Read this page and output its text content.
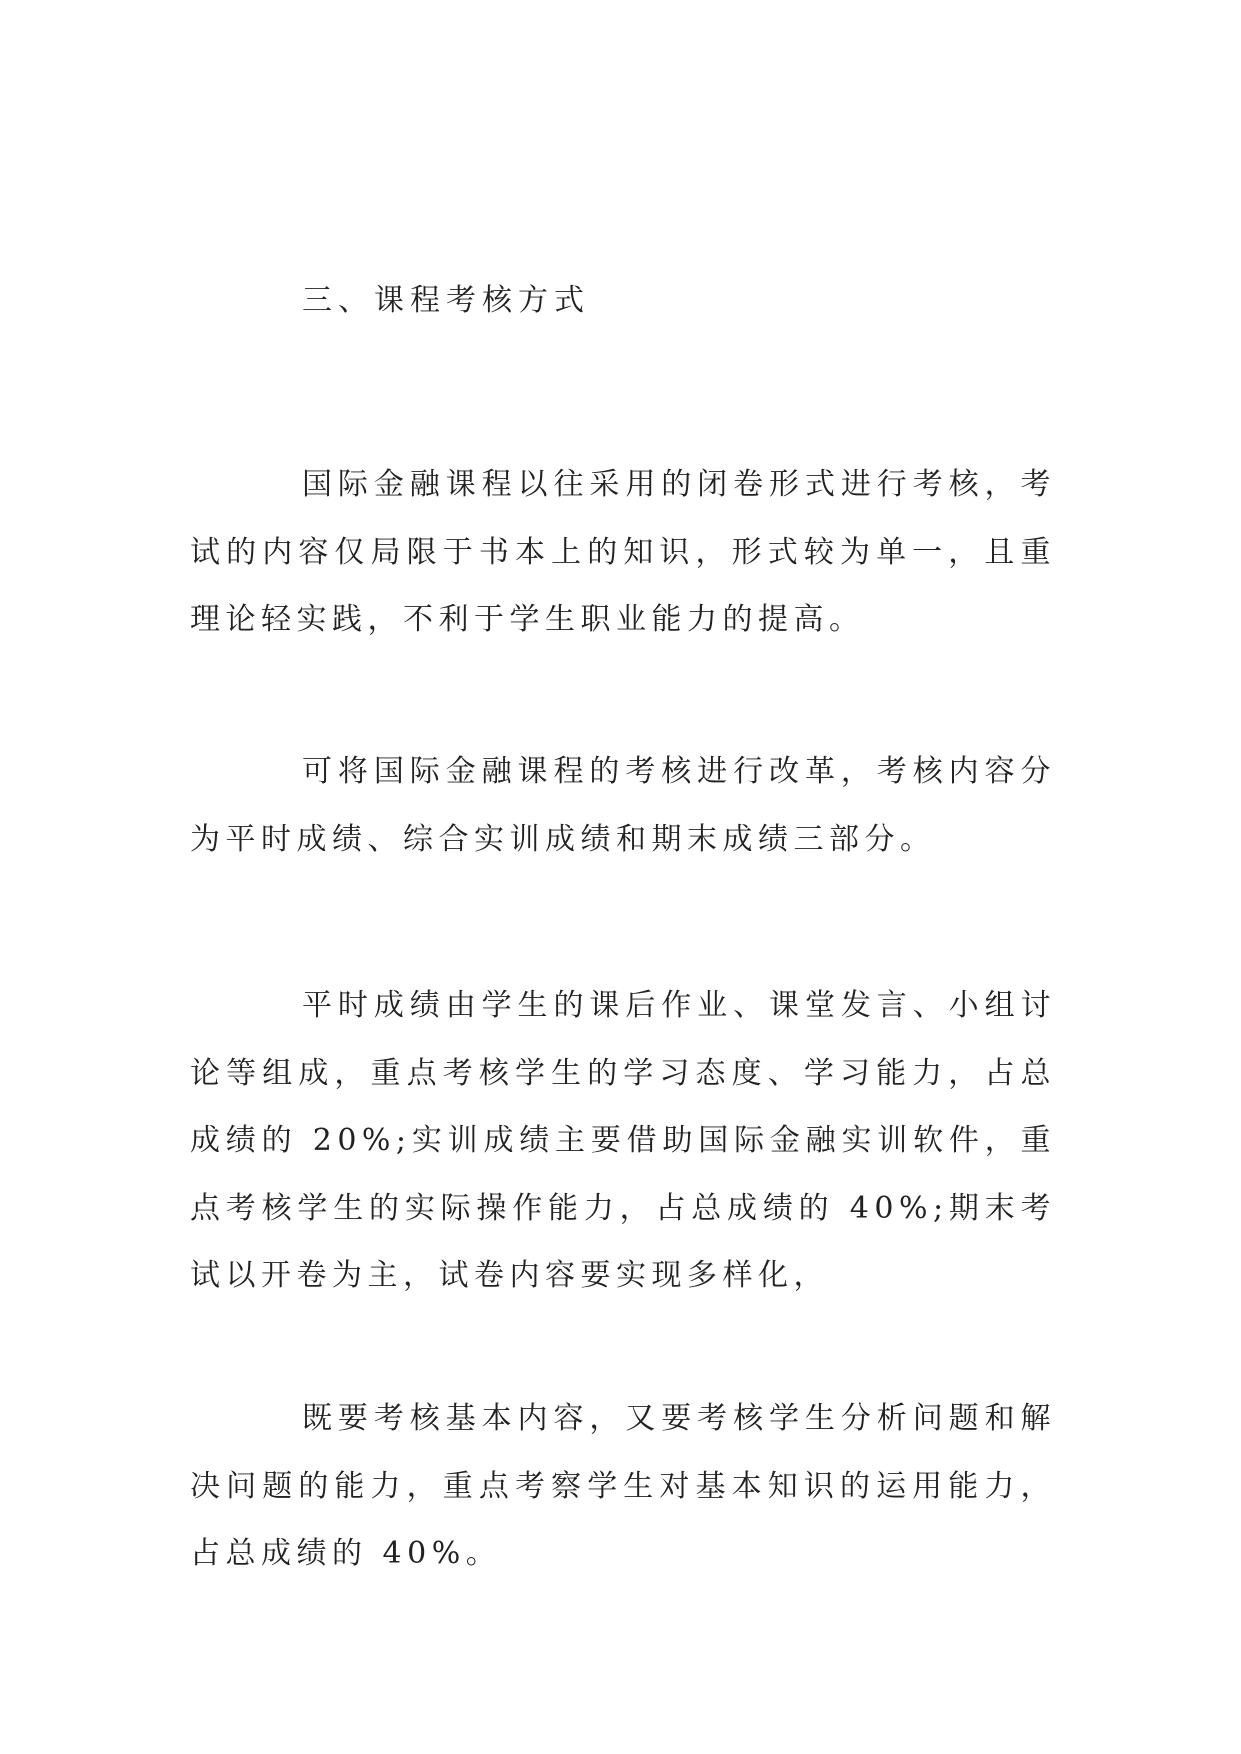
三、课程考核方式

国际金融课程以往采用的闭卷形式进行考核，考试的内容仅局限于书本上的知识，形式较为单一，且重理论轻实践，不利于学生职业能力的提高。

可将国际金融课程的考核进行改革，考核内容分为平时成绩、综合实训成绩和期末成绩三部分。

平时成绩由学生的课后作业、课堂发言、小组讨论等组成，重点考核学生的学习态度、学习能力，占总成绩的 20%;实训成绩主要借助国际金融实训软件，重点考核学生的实际操作能力，占总成绩的 40%;期末考试以开卷为主，试卷内容要实现多样化，

既要考核基本内容，又要考核学生分析问题和解决问题的能力，重点考察学生对基本知识的运用能力，占总成绩的 40%。
